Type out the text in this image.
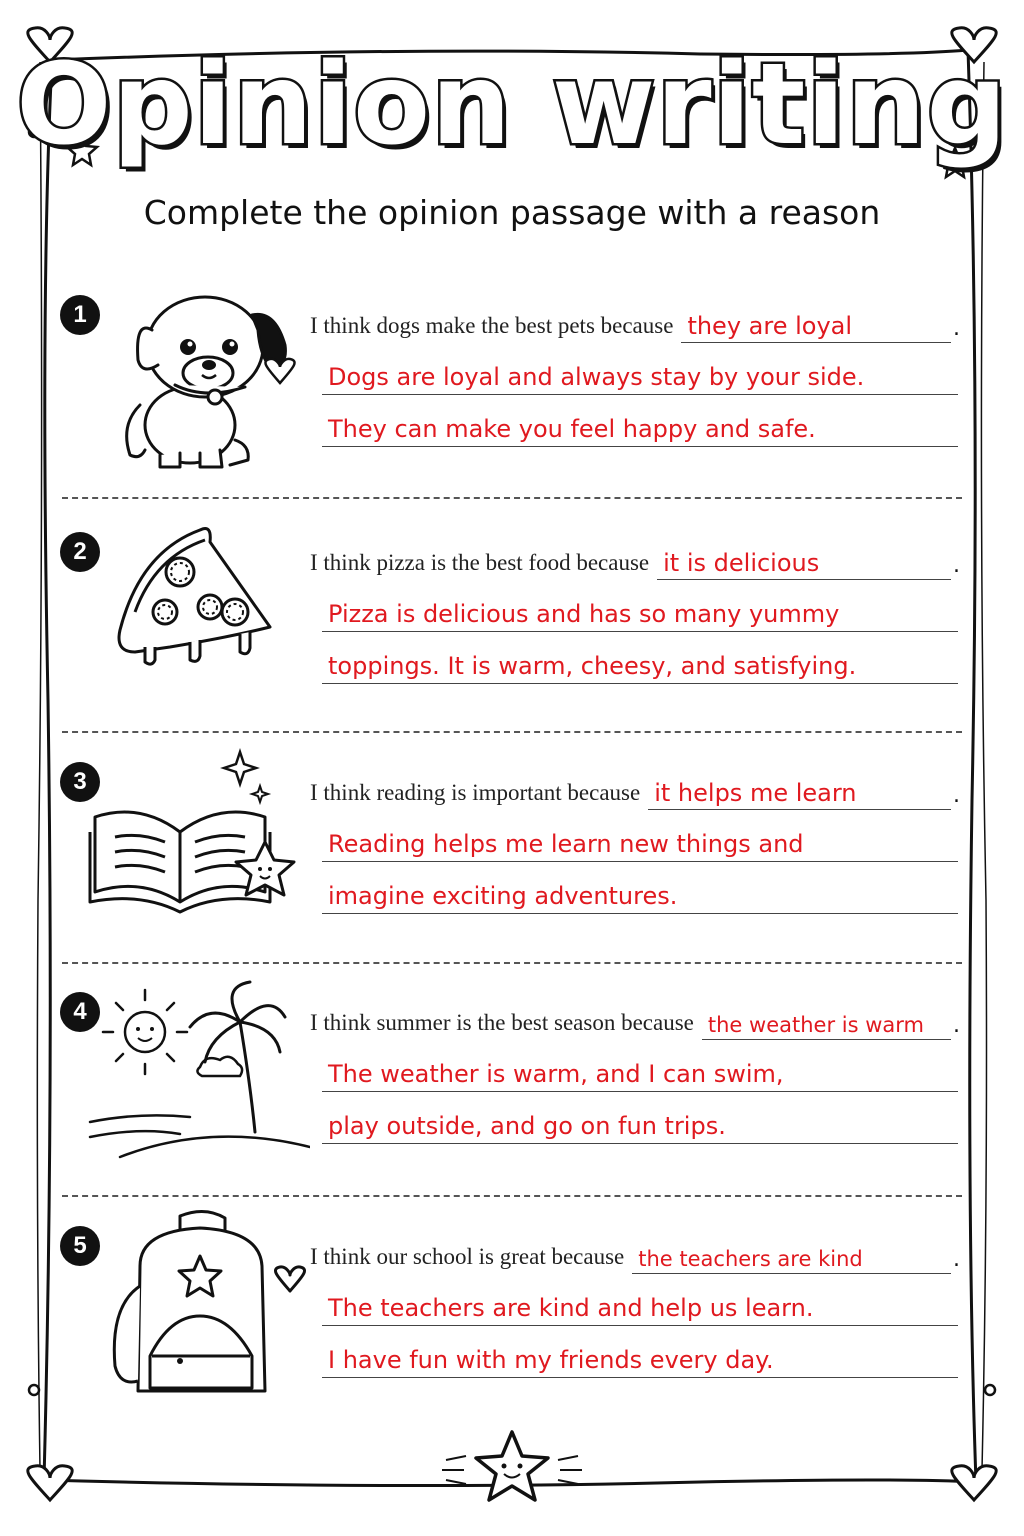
Opinion writing
Complete the opinion passage with a reason
1	I think dogs make the best pets because they are loyal	.
Dogs are loyal and always stay by your side.
They can make you feel happy and safe.
2	I think pizza is the best food because it is delicious	.
Pizza is delicious and has so many yummy
toppings. It is warm, cheesy, and satisfying.
3	I think reading is important because it helps me learn	.
Reading helps me learn new things and
imagine exciting adventures.
4	I think summer is the best season because the weather is warm	.
The weather is warm, and I can swim,
play outside, and go on fun trips.
5	I think our school is great because the teachers are kind	.
The teachers are kind and help us learn.
I have fun with my friends every day.
